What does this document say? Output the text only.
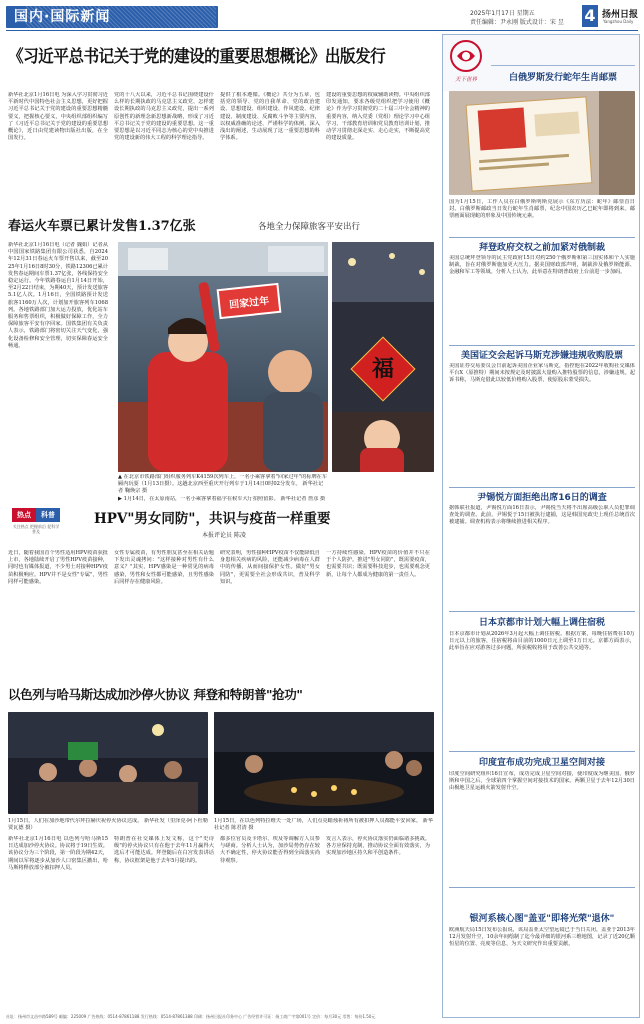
国内·国际新闻	2025年1月17日 星期五
责任编辑：尹永刚 版式设计：宋 昱 4 扬州日报
Yangzhou Daily
《习近平总书记关于党的建设的重要思想概论》出版发行
新华社北京1月16日电 为深入学习贯彻习近平新时代中国特色社会主义思想，更好把握习近平总书记关于党的建设的重要思想精髓要义，把握核心要义，中央组织部组织编写了《习近平总书记关于党的建设的重要思想概论》，近日由党建读物出版社出版，在全国发行。
党的十八大以来，习近平总书记围绕建设什么样的长期执政的马克思主义政党、怎样建设长期执政的马克思主义政党，提出一系列原创性的新理念新思想新战略，形成了习近平总书记关于党的建设的重要思想。这一重要思想是以习近平同志为核心的党中央推进党的建设新的伟大工程的科学理论指导。
提供了根本遵循。《概论》共分为五章，包括党的领导、党的自我革命、党的政治建设、思想建设、组织建设、作风建设、纪律建设、制度建设、反腐败斗争等主要内容，以权威准确的论述、严谨科学的体例、深入浅出的阐述，生动展现了这一重要思想的科学体系。
建设的重要思想的权威辅助读物。中央组织部印发通知，要求各级党组织把学习使用《概论》作为学习贯彻党的二十届三中全会精神的重要内容，纳入党委（党组）理论学习中心组学习、干部教育培训和党员教育培训计划，推动学习贯彻走深走实、走心走实，不断提高党的建设质量。
春运火车票已累计发售1.37亿张	各地全力保障旅客平安出行
新华社北京1月16日电（记者 魏娟）记者从中国国家铁路集团有限公司获悉，自2024年12月31日春运火车票开售以来，截至2025年1月16日8时30分，铁路12306已累计发售春运期间车票1.37亿张，各线保持安全稳定运行。今年铁路春运自1月14日开始，至2月22日结束，为期40天，预计发送旅客5.1亿人次。1月16日，全国铁路预计发送旅客1160万人次，计划加开旅客列车1068列。各地铁路部门加大运力投放，优化站车服务和售票组织，积极做好保障工作，全力保障旅客平安有序回家。国铁集团有关负责人表示，铁路部门将密切关注天气变化，强化设备检修和安全管理，切实保障春运安全畅通。
回家过年
福
▲ 在北京市铁路部门组织服务列车K4159次列车上，一名小乘客拿着"回家过年"的标牌在车厢内玩耍（1月13日摄）。这趟北京西至重庆开行列车于1月14日0时02分发车。 新华社记者 鞠焕宗 摄
▶ 1月14日，在太原南站，一名小乘客拿着福字在候车大厅拍照留影。 新华社记者 詹彦 摄
热点	科普
关注热点 把握前沿 促科学普及
HPV"男女同防"，共识与疫苗一样重要
本报评论员 陈凌
近日，随着我国首个男性适用HPV疫苗获批上市，各地陆续开启了男性HPV疫苗接种，同时也有媒体报道，不少男士对接种HPV疫苗积极响应。HPV并不是女性"专属"，男性同样可能感染。
女性专属疫苗，有男性朋友甚至在相关话题下发出灵魂拷问："这样接种对男性有什么意义？"其实，HPV感染是一种常见的病毒感染，男性和女性都可能感染，且男性感染后同样存在健康风险。
研究表明，男性接种HPV疫苗不仅能降低自身患相关疾病的风险，还能减少病毒在人群中的传播，从而间接保护女性。做好"男女同防"，更需要全社会形成共识，普及科学知识。
一方持续性感染，HPV疫苗的价值并不只在于个人防护。推进"男女同防"，既需要疫苗，也需要共识；既需要科技进步，也需要观念更新，让每个人都成为健康的第一责任人。
以色列与哈马斯达成加沙停火协议 拜登和特朗普"抢功"
1月15日，人们在加沙地带代尔拜拉赫庆祝停火协议达成。 新华社发（里泽克·阿卜杜勒贾瓦德 摄）
1月15日，在以色列特拉维夫一处广场，人们点亮蜡烛祈祷所有被扣押人员都能平安回家。 新华社记者 陈君清 摄
新华社北京1月16日电 以色列与哈马斯15日达成加沙停火协议。协议将于19日生效。该协议分为三个阶段，第一阶段为期42天，期间以军将逐步从加沙人口密集区撤出，哈马斯将释放部分被扣押人员。
特朗普在社交媒体上发文称，这个"史诗级"的停火协议只有在他于去年11月赢得大选后才可能达成。拜登随后在白宫发表讲话称，协议框架是他于去年5月提出的。
都多位官员及卡塔尔、埃及等调解方人员参与磋商。分析人士认为，加沙局势仍存在较大不确定性，停火协议能否得到全面落实尚待观察。
发言人表示，停火协议落实仍面临诸多挑战。各方应保持克制，推动协议全面有效落实，为实现加沙地区持久和平创造条件。
天下世界	白俄罗斯发行蛇年生肖邮票
国为1月15日，工作人员在白俄罗斯明斯克展示《东方历法：蛇年》邮票首日封。白俄罗斯邮政当日发行蛇年生肖邮票，纪念中国农历乙巳蛇年即将到来。邮票画面展现蛇的形象及中国传统元素。
拜登政府交权之前加紧对俄制裁
美国总统拜登领导的民主党政府15日对约250个俄罗斯和第三国实体和个人实施制裁，旨在对俄罗斯施加更大压力。据美国财政部声明，制裁涉及俄罗斯能源、金融和军工等领域。分析人士认为，此举意在特朗普政府上台前进一步加码。
美国证交会起诉马斯克涉嫌违规收购股票
美国证券交易委员会日前起诉美国企业家马斯克，指控他在2022年收购社交媒体平台X（原推特）期间未按规定及时披露大量购入推特股票的信息，涉嫌违规。起诉书称，马斯克借此以较低价格购入股票，使原股东蒙受损失。
尹锡悦方面拒绝出席16日的调查
据韩联社报道，尹锡悦方面16日表示，尹锡悦当天将不出席高级公职人员犯罪调查处的调查。此前，尹锡悦于15日被执行逮捕，这是韩国宪政史上现任总统首次被逮捕。调查机构表示将继续推进相关程序。
日本京都市计划大幅上调住宿税
日本京都市计划从2026年3月起大幅上调住宿税。根据方案，每晚住宿费在10万日元以上的旅客，住宿税将由目前的1000日元上调至1万日元。京都方面表示，此举旨在应对游客过多问题，所获税收将用于改善公共交通等。
印度宣布成功完成卫星空间对接
印度空间研究组织16日宣布，成功完成卫星空间对接，使印度成为继美国、俄罗斯和中国之后，全球第四个掌握空间对接技术的国家。两颗卫星于去年12月30日由极地卫星运载火箭发射升空。
银河系核心图"盖亚"即将光荣"退休"
欧洲航天局15日发布公报说，该局盖亚太空望远镜已于当日关闭。盖亚于2013年12月发射升空，10余年间绘制了迄今最详细的银河系三维地图，记录了近20亿颗恒星的位置、亮度等信息，为天文研究作出重要贡献。
社址：扬州市文昌中路589号 邮编：225009 广告热线：0514-87861188 发行热线：0514-87861388 印刷：扬州日报社印务中心 广告经营许可证：扬工商广字第001号 定价：每月30元 零售：每份1.50元
